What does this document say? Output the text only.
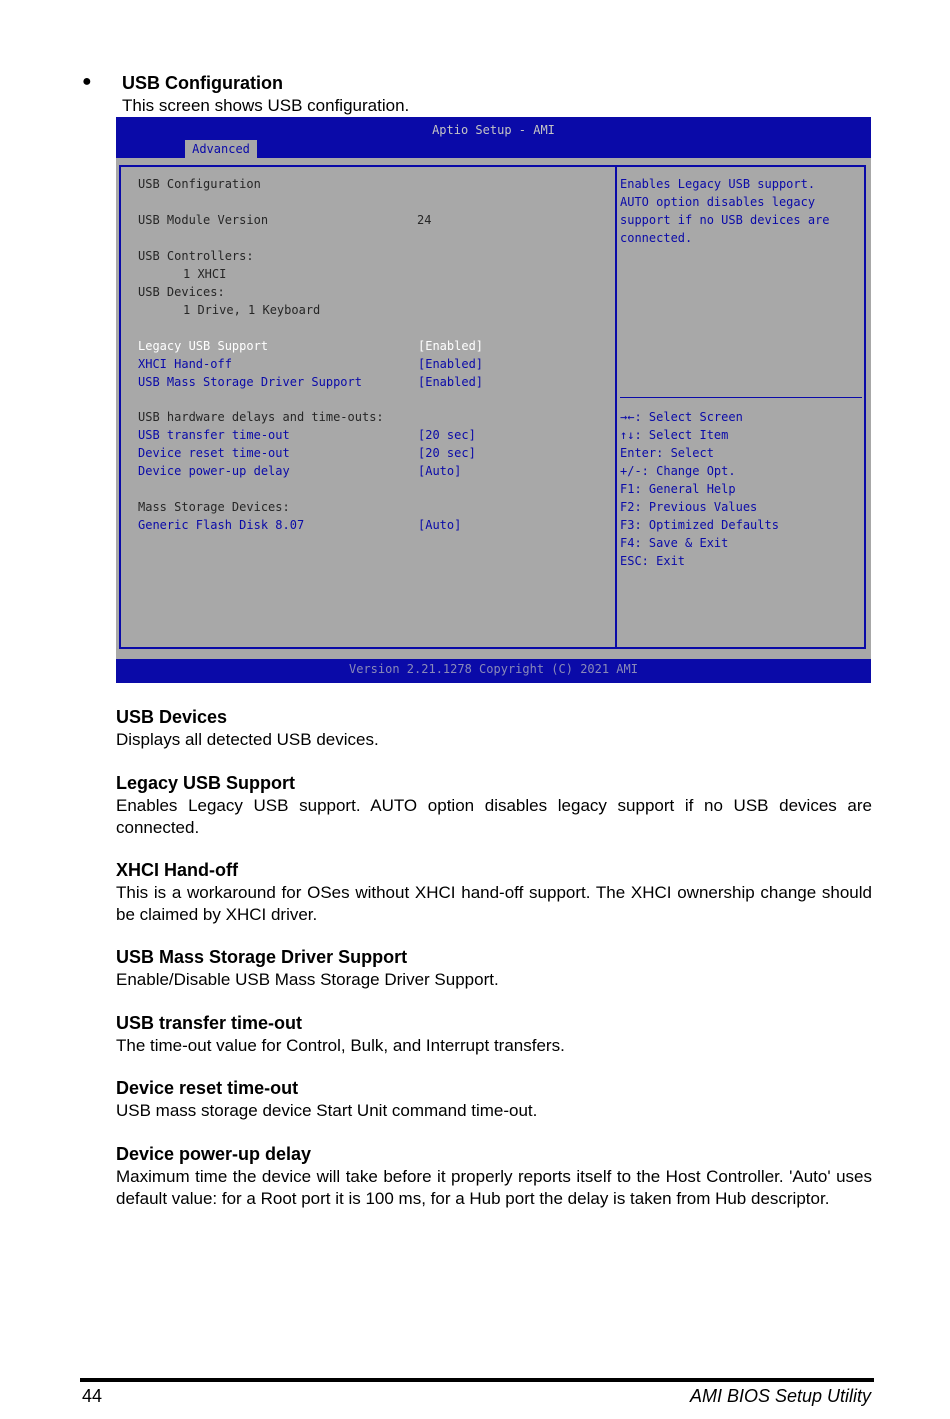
● USB Configuration
This screen shows USB configuration.
Aptio Setup - AMI
Advanced
USB Configuration
USB Module Version	24
USB Controllers:
1 XHCI
USB Devices:
1 Drive, 1 Keyboard
Legacy USB Support	[Enabled]
XHCI Hand-off	[Enabled]
USB Mass Storage Driver Support	[Enabled]
USB hardware delays and time-outs:
USB transfer time-out	[20 sec]
Device reset time-out	[20 sec]
Device power-up delay	[Auto]
Mass Storage Devices:
Generic Flash Disk 8.07	[Auto]
Enables Legacy USB support.
AUTO option disables legacy
support if no USB devices are
connected.
→←: Select Screen
↑↓: Select Item
Enter: Select
+/-: Change Opt.
F1: General Help
F2: Previous Values
F3: Optimized Defaults
F4: Save & Exit
ESC: Exit
Version 2.21.1278 Copyright (C) 2021 AMI
USB Devices
Displays all detected USB devices.
Legacy USB Support
Enables Legacy USB support. AUTO option disables legacy support if no USB devices are connected.
XHCI Hand-off
This is a workaround for OSes without XHCI hand-off support. The XHCI ownership change should be claimed by XHCI driver.
USB Mass Storage Driver Support
Enable/Disable USB Mass Storage Driver Support.
USB transfer time-out
The time-out value for Control, Bulk, and Interrupt transfers.
Device reset time-out
USB mass storage device Start Unit command time-out.
Device power-up delay
Maximum time the device will take before it properly reports itself to the Host Controller. 'Auto' uses default value: for a Root port it is 100 ms, for a Hub port the delay is taken from Hub descriptor.
44	AMI BIOS Setup Utility
